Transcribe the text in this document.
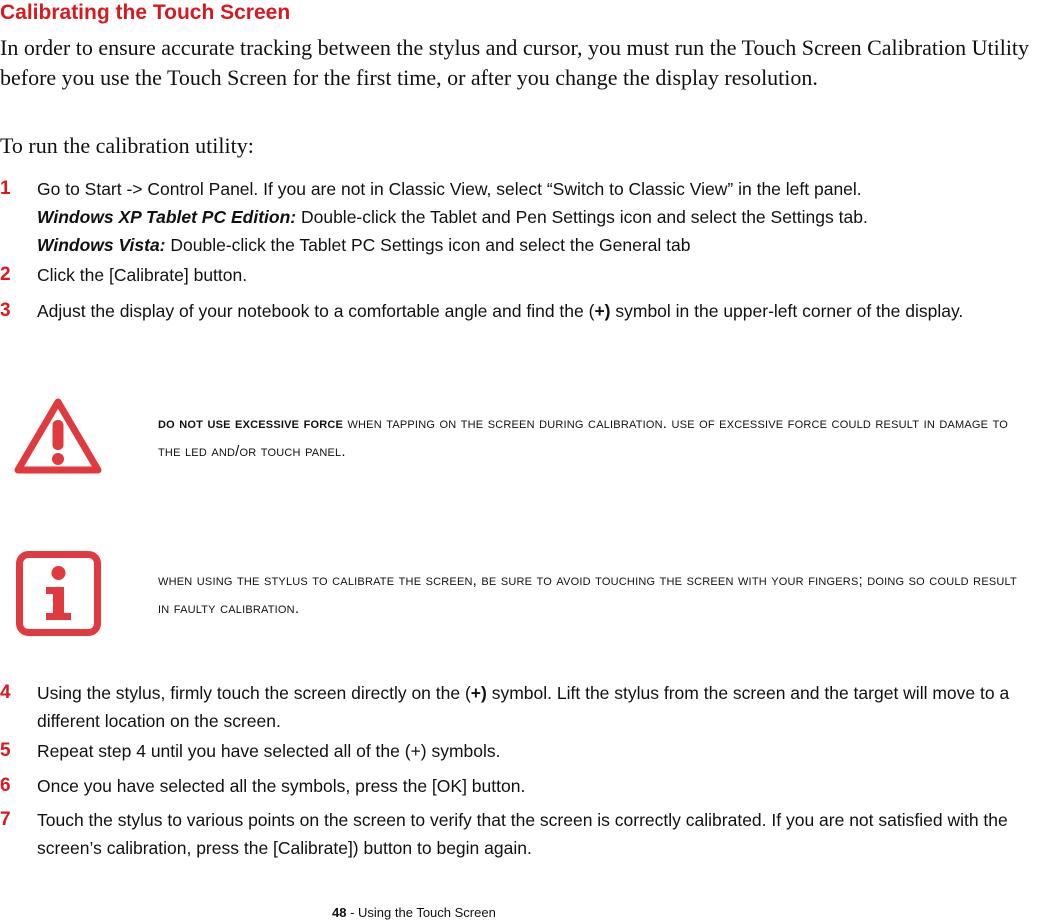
Calibrating the Touch Screen

In order to ensure accurate tracking between the stylus and cursor, you must run the Touch Screen Calibration Utility before you use the Touch Screen for the first time, or after you change the display resolution.

To run the calibration utility:

1 Go to Start -> Control Panel. If you are not in Classic View, select “Switch to Classic View” in the left panel.
Windows XP Tablet PC Edition: Double-click the Tablet and Pen Settings icon and select the Settings tab.
Windows Vista: Double-click the Tablet PC Settings icon and select the General tab
2 Click the [Calibrate] button.
3 Adjust the display of your notebook to a comfortable angle and find the (+) symbol in the upper-left corner of the display.
do not use excessive force when tapping on the screen during calibration. use of excessive force could result in damage to the led and/or touch panel.
when using the stylus to calibrate the screen, be sure to avoid touching the screen with your fingers; doing so could result in faulty calibration.
4 Using the stylus, firmly touch the screen directly on the (+) symbol. Lift the stylus from the screen and the target will move to a different location on the screen.
5 Repeat step 4 until you have selected all of the (+) symbols.
6 Once you have selected all the symbols, press the [OK] button.
7 Touch the stylus to various points on the screen to verify that the screen is correctly calibrated. If you are not satisfied with the screen’s calibration, press the [Calibrate]) button to begin again.
48 - Using the Touch Screen
